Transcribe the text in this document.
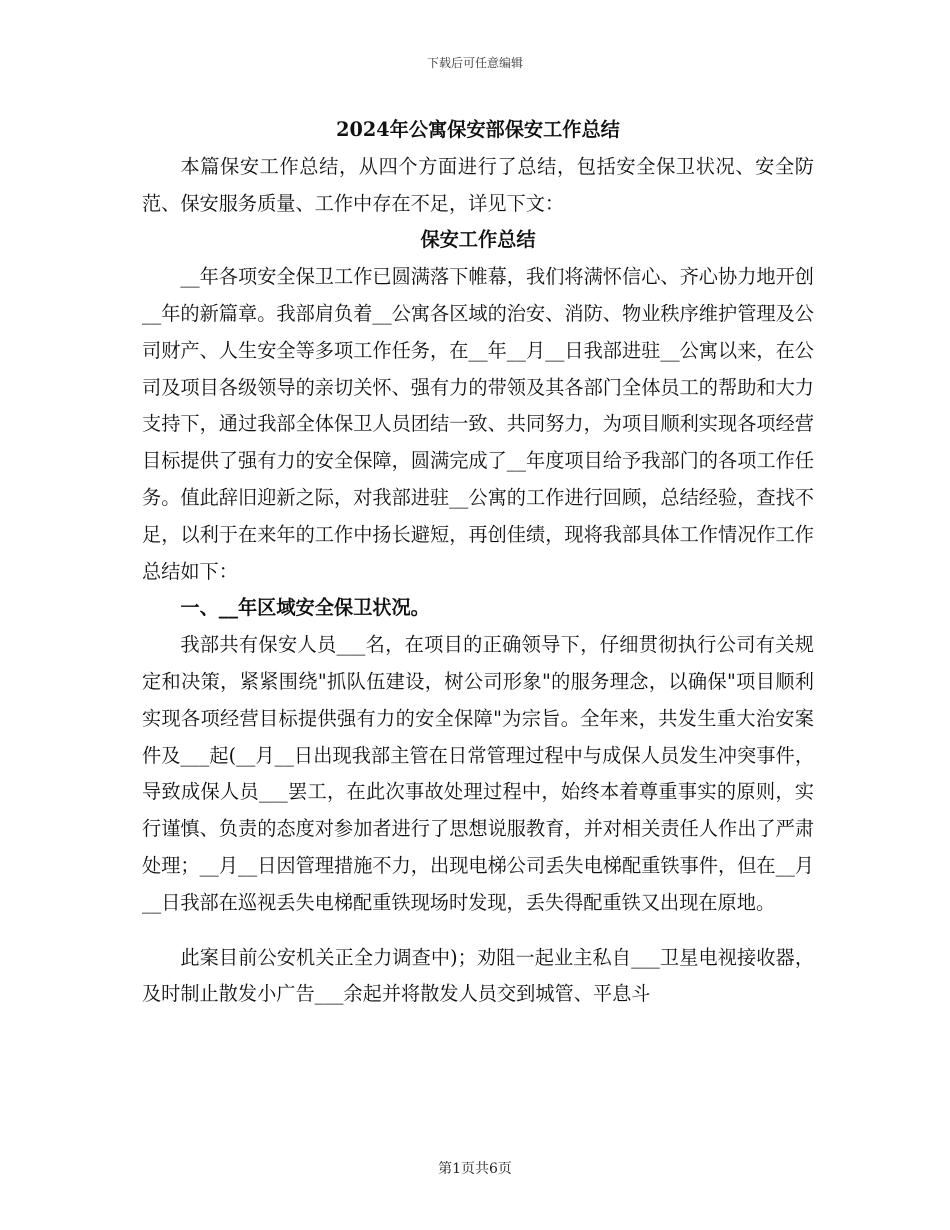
下载后可任意编辑

2024年公寓保安部保安工作总结

本篇保安工作总结，从四个方面进行了总结，包括安全保卫状况、安全防范、保安服务质量、工作中存在不足，详见下文：

保安工作总结

__年各项安全保卫工作已圆满落下帷幕，我们将满怀信心、齐心协力地开创__年的新篇章。我部肩负着__公寓各区域的治安、消防、物业秩序维护管理及公司财产、人生安全等多项工作任务，在__年__月__日我部进驻__公寓以来，在公司及项目各级领导的亲切关怀、强有力的带领及其各部门全体员工的帮助和大力支持下，通过我部全体保卫人员团结一致、共同努力，为项目顺利实现各项经营目标提供了强有力的安全保障，圆满完成了__年度项目给予我部门的各项工作任务。值此辞旧迎新之际，对我部进驻__公寓的工作进行回顾，总结经验，查找不足，以利于在来年的工作中扬长避短，再创佳绩，现将我部具体工作情况作工作总结如下：

一、__年区域安全保卫状况。

我部共有保安人员___名，在项目的正确领导下，仔细贯彻执行公司有关规定和决策，紧紧围绕"抓队伍建设，树公司形象"的服务理念，以确保"项目顺利实现各项经营目标提供强有力的安全保障"为宗旨。全年来，共发生重大治安案件及___起(__月__日出现我部主管在日常管理过程中与成保人员发生冲突事件，导致成保人员___罢工，在此次事故处理过程中，始终本着尊重事实的原则，实行谨慎、负责的态度对参加者进行了思想说服教育，并对相关责任人作出了严肃处理；__月__日因管理措施不力，出现电梯公司丢失电梯配重铁事件，但在__月__日我部在巡视丢失电梯配重铁现场时发现，丢失得配重铁又出现在原地。

此案目前公安机关正全力调查中)；劝阻一起业主私自___卫星电视接收器，及时制止散发小广告___余起并将散发人员交到城管、平息斗

第1页共6页
